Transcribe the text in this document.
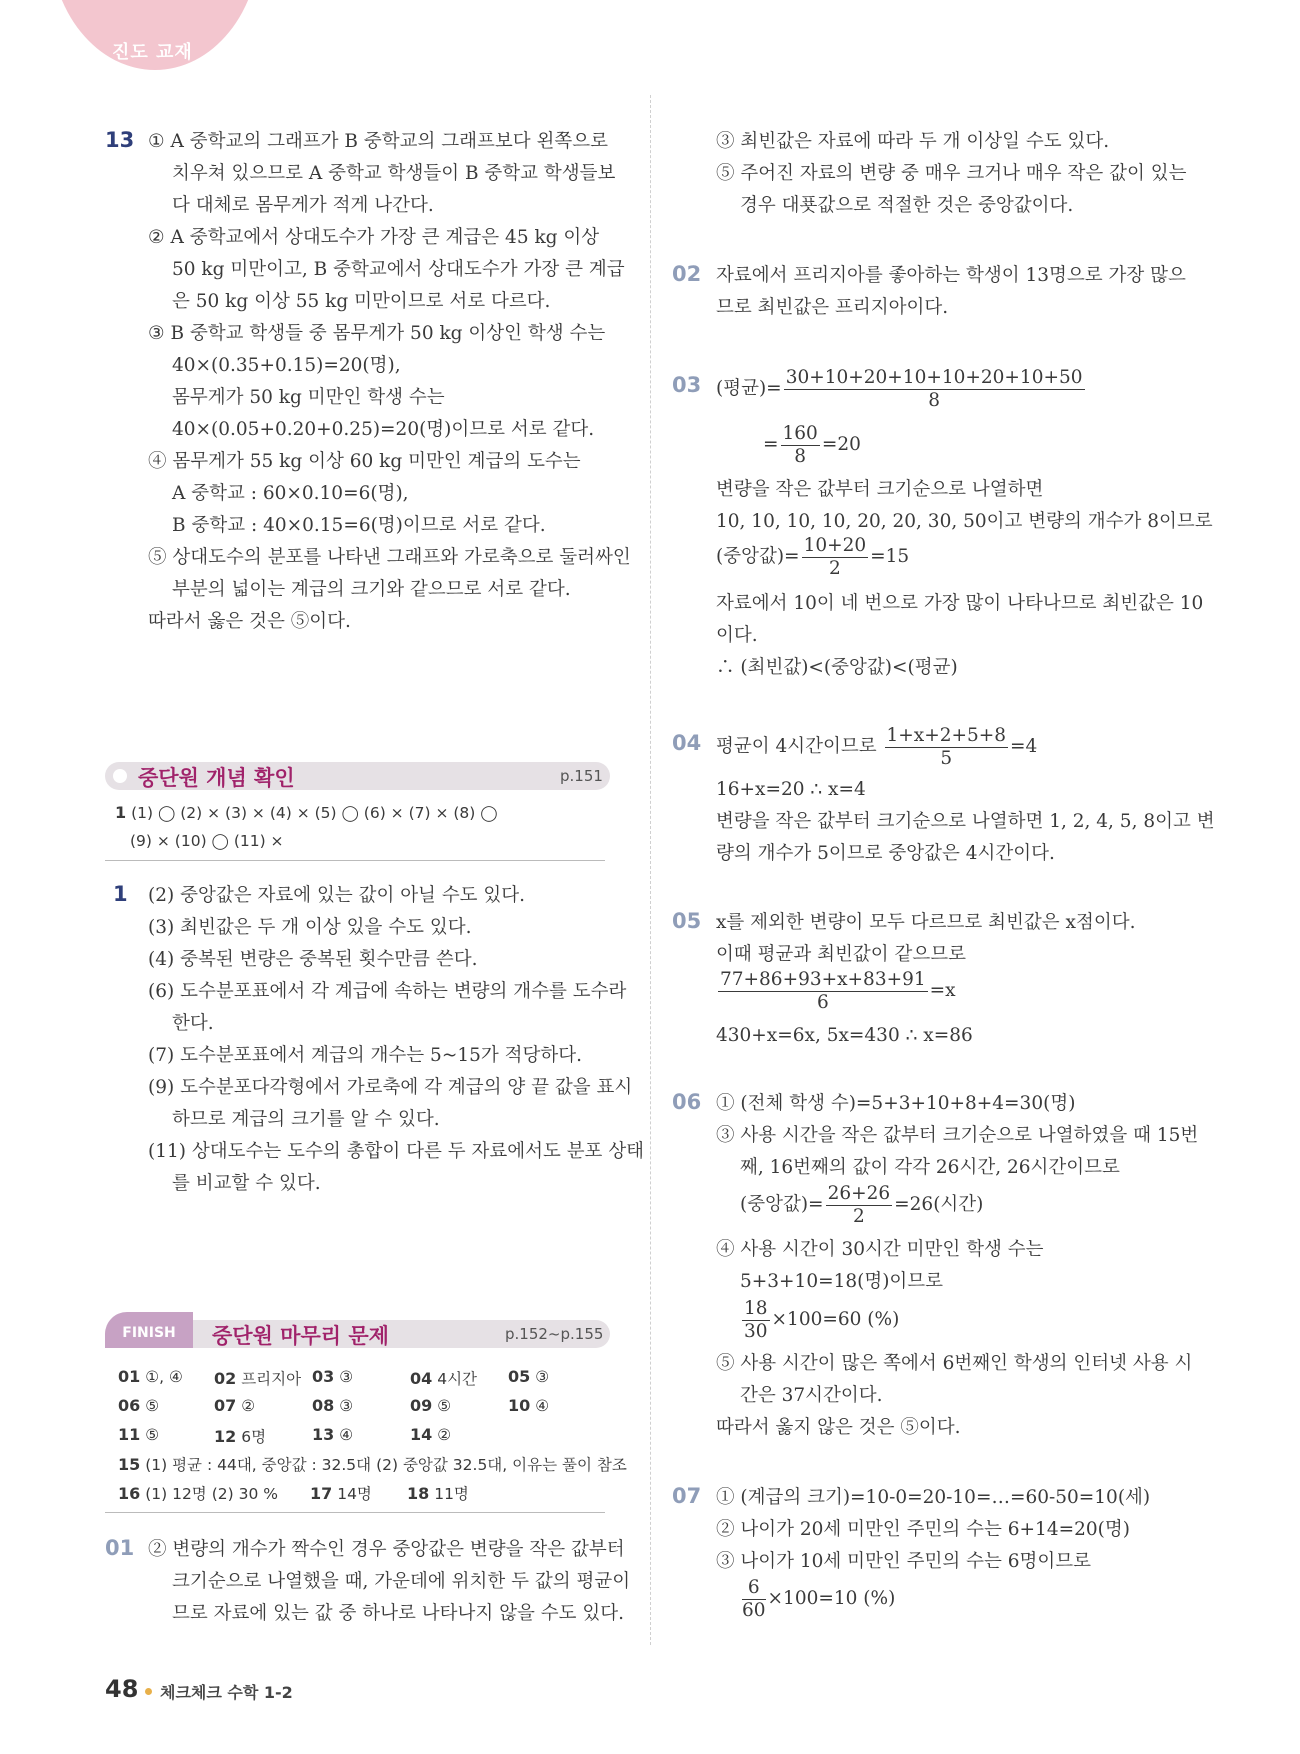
진도 교재
13 ① A 중학교의 그래프가 B 중학교의 그래프보다 왼쪽으로
치우쳐 있으므로 A 중학교 학생들이 B 중학교 학생들보
다 대체로 몸무게가 적게 나간다.
② A 중학교에서 상대도수가 가장 큰 계급은 45 kg 이상
50 kg 미만이고, B 중학교에서 상대도수가 가장 큰 계급
은 50 kg 이상 55 kg 미만이므로 서로 다르다.
③ B 중학교 학생들 중 몸무게가 50 kg 이상인 학생 수는
40×(0.35+0.15)=20(명),
몸무게가 50 kg 미만인 학생 수는
40×(0.05+0.20+0.25)=20(명)이므로 서로 같다.
④ 몸무게가 55 kg 이상 60 kg 미만인 계급의 도수는
A 중학교 : 60×0.10=6(명),
B 중학교 : 40×0.15=6(명)이므로 서로 같다.
⑤ 상대도수의 분포를 나타낸 그래프와 가로축으로 둘러싸인
부분의 넓이는 계급의 크기와 같으므로 서로 같다.
따라서 옳은 것은 ⑤이다.
중단원 개념 확인	p.151
1 (1) ◯ (2) × (3) × (4) × (5) ◯ (6) × (7) × (8) ◯
(9) × (10) ◯ (11) ×
1 (2) 중앙값은 자료에 있는 값이 아닐 수도 있다.
(3) 최빈값은 두 개 이상 있을 수도 있다.
(4) 중복된 변량은 중복된 횟수만큼 쓴다.
(6) 도수분포표에서 각 계급에 속하는 변량의 개수를 도수라
한다.
(7) 도수분포표에서 계급의 개수는 5~15가 적당하다.
(9) 도수분포다각형에서 가로축에 각 계급의 양 끝 값을 표시
하므로 계급의 크기를 알 수 있다.
(11) 상대도수는 도수의 총합이 다른 두 자료에서도 분포 상태
를 비교할 수 있다.
FINISH	중단원 마무리 문제	p.152~p.155
01 ①, ④ 02 프리지아 03 ③	04 4시간 05 ③
06 ⑤	07 ②	08 ③	09 ⑤	10 ④
11 ⑤	12 6명	13 ④	14 ②
15 (1) 평균 : 44대, 중앙값 : 32.5대 (2) 중앙값 32.5대, 이유는 풀이 참조
16 (1) 12명 (2) 30 % 17 14명 18 11명
01 ② 변량의 개수가 짝수인 경우 중앙값은 변량을 작은 값부터
크기순으로 나열했을 때, 가운데에 위치한 두 값의 평균이
므로 자료에 있는 값 중 하나로 나타나지 않을 수도 있다.
③ 최빈값은 자료에 따라 두 개 이상일 수도 있다.
⑤ 주어진 자료의 변량 중 매우 크거나 매우 작은 값이 있는
경우 대푯값으로 적절한 것은 중앙값이다.
02 자료에서 프리지아를 좋아하는 학생이 13명으로 가장 많으
므로 최빈값은 프리지아이다.
03 (평균)= $\frac{30+10+20+10+10+20+10+50}{8}$
= $\frac{160}{8} =20$
변량을 작은 값부터 크기순으로 나열하면
10, 10, 10, 10, 20, 20, 30, 50이고 변량의 개수가 8이므로
(중앙값)= $\frac{10+20}{2} =15$
자료에서 10이 네 번으로 가장 많이 나타나므로 최빈값은 10
이다.
∴ (최빈값)<(중앙값)<(평균)
04 평균이 4시간이므로 $\frac{1+x+2+5+8}{5} =4$
16+x=20 ∴ x=4
변량을 작은 값부터 크기순으로 나열하면 1, 2, 4, 5, 8이고 변
량의 개수가 5이므로 중앙값은 4시간이다.
05 x를 제외한 변량이 모두 다르므로 최빈값은 x점이다.
이때 평균과 최빈값이 같으므로
$\frac{77+86+93+x+83+91}{6} =x$
430+x=6x, 5x=430 ∴ x=86
06 ① (전체 학생 수)=5+3+10+8+4=30(명)
③ 사용 시간을 작은 값부터 크기순으로 나열하였을 때 15번
째, 16번째의 값이 각각 26시간, 26시간이므로
(중앙값)= $\frac{26+26}{2} =26$(시간)
④ 사용 시간이 30시간 미만인 학생 수는
5+3+10=18(명)이므로
$\frac{18}{30} \times 100=60$ (%)
⑤ 사용 시간이 많은 쪽에서 6번째인 학생의 인터넷 사용 시
간은 37시간이다.
따라서 옳지 않은 것은 ⑤이다.
07 ① (계급의 크기)=10-0=20-10=…=60-50=10(세)
② 나이가 20세 미만인 주민의 수는 6+14=20(명)
③ 나이가 10세 미만인 주민의 수는 6명이므로
$\frac{6}{60} \times 100=10$ (%)
48 체크체크 수학 1-2
